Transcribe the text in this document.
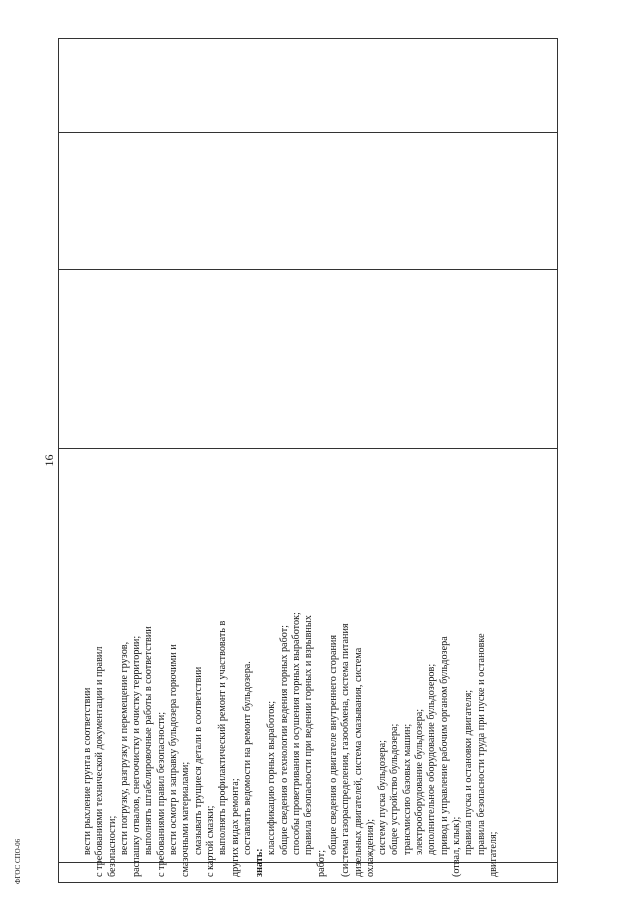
16
вести рыхление грунта в соответствии с требованиями технической документации и правил безопасности; вести погрузку, разгрузку и перемещение грузов, распашку отвалов, снегоочистку и очистку территории; выполнять штабелировочные работы в соответствии с требованиями правил безопасности; вести осмотр и заправку бульдозера горючими и смазочными материалами; смазывать трущиеся детали в соответствии с картой смазки; выполнять профилактический ремонт и участвовать в других видах ремонта; составлять ведомости на ремонт бульдозера.
знать:
классификацию горных выработок; общие сведения о технологии ведения горных работ; способы проветривания и осушения горных выработок; правила безопасности при ведении горных и взрывных
работ;
общие сведения о двигателе внутреннего сгорания (система газораспределения, газообмена, система питания дизельных двигателей, система смазывания, система охлаждения); систему пуска бульдозера; общее устройство бульдозера; трансмиссию базовых машин; электрооборудование бульдозера; дополнительное оборудование бульдозеров; привод и управление рабочим органом бульдозера (отвал, клык); правила пуска и остановки двигателя; правила безопасности труда при пуске и остановке двигателя;
ФГОС СПО-06
